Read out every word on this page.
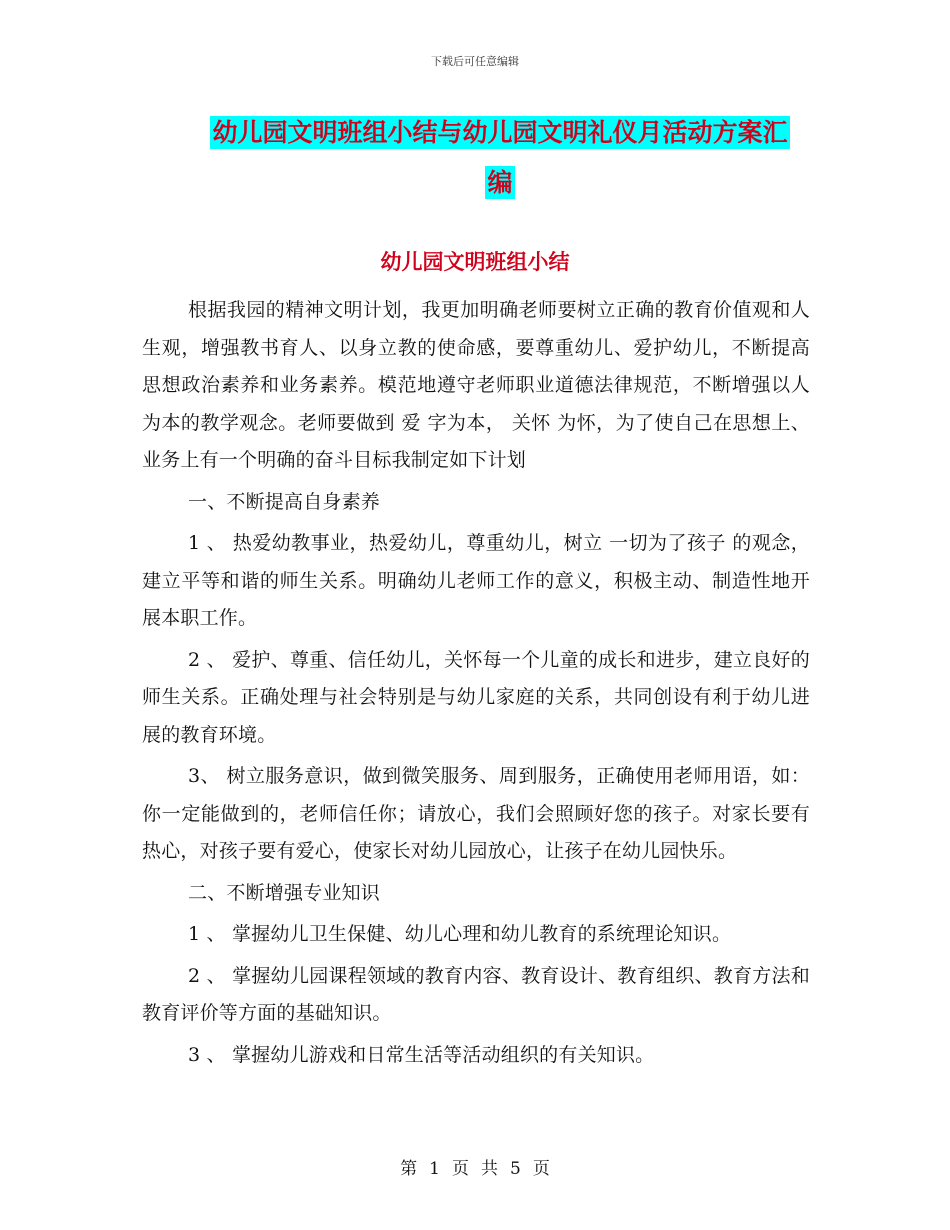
下载后可任意编辑
幼儿园文明班组小结与幼儿园文明礼仪月活动方案汇
编
幼儿园文明班组小结

根据我园的精神文明计划，我更加明确老师要树立正确的教育价值观和人生观，增强教书育人、以身立教的使命感，要尊重幼儿、爱护幼儿，不断提高思想政治素养和业务素养。模范地遵守老师职业道德法律规范，不断增强以人为本的教学观念。老师要做到 爱 字为本， 关怀 为怀，为了使自己在思想上、业务上有一个明确的奋斗目标我制定如下计划

一、不断提高自身素养

1 、 热爱幼教事业，热爱幼儿，尊重幼儿，树立 一切为了孩子 的观念，建立平等和谐的师生关系。明确幼儿老师工作的意义，积极主动、制造性地开展本职工作。

2 、 爱护、尊重、信任幼儿，关怀每一个儿童的成长和进步，建立良好的师生关系。正确处理与社会特别是与幼儿家庭的关系，共同创设有利于幼儿进展的教育环境。

3、 树立服务意识，做到微笑服务、周到服务，正确使用老师用语，如：你一定能做到的，老师信任你；请放心，我们会照顾好您的孩子。对家长要有热心，对孩子要有爱心，使家长对幼儿园放心，让孩子在幼儿园快乐。

二、不断增强专业知识

1 、 掌握幼儿卫生保健、幼儿心理和幼儿教育的系统理论知识。

2 、 掌握幼儿园课程领域的教育内容、教育设计、教育组织、教育方法和教育评价等方面的基础知识。

3 、 掌握幼儿游戏和日常生活等活动组织的有关知识。

第 1 页 共 5 页
